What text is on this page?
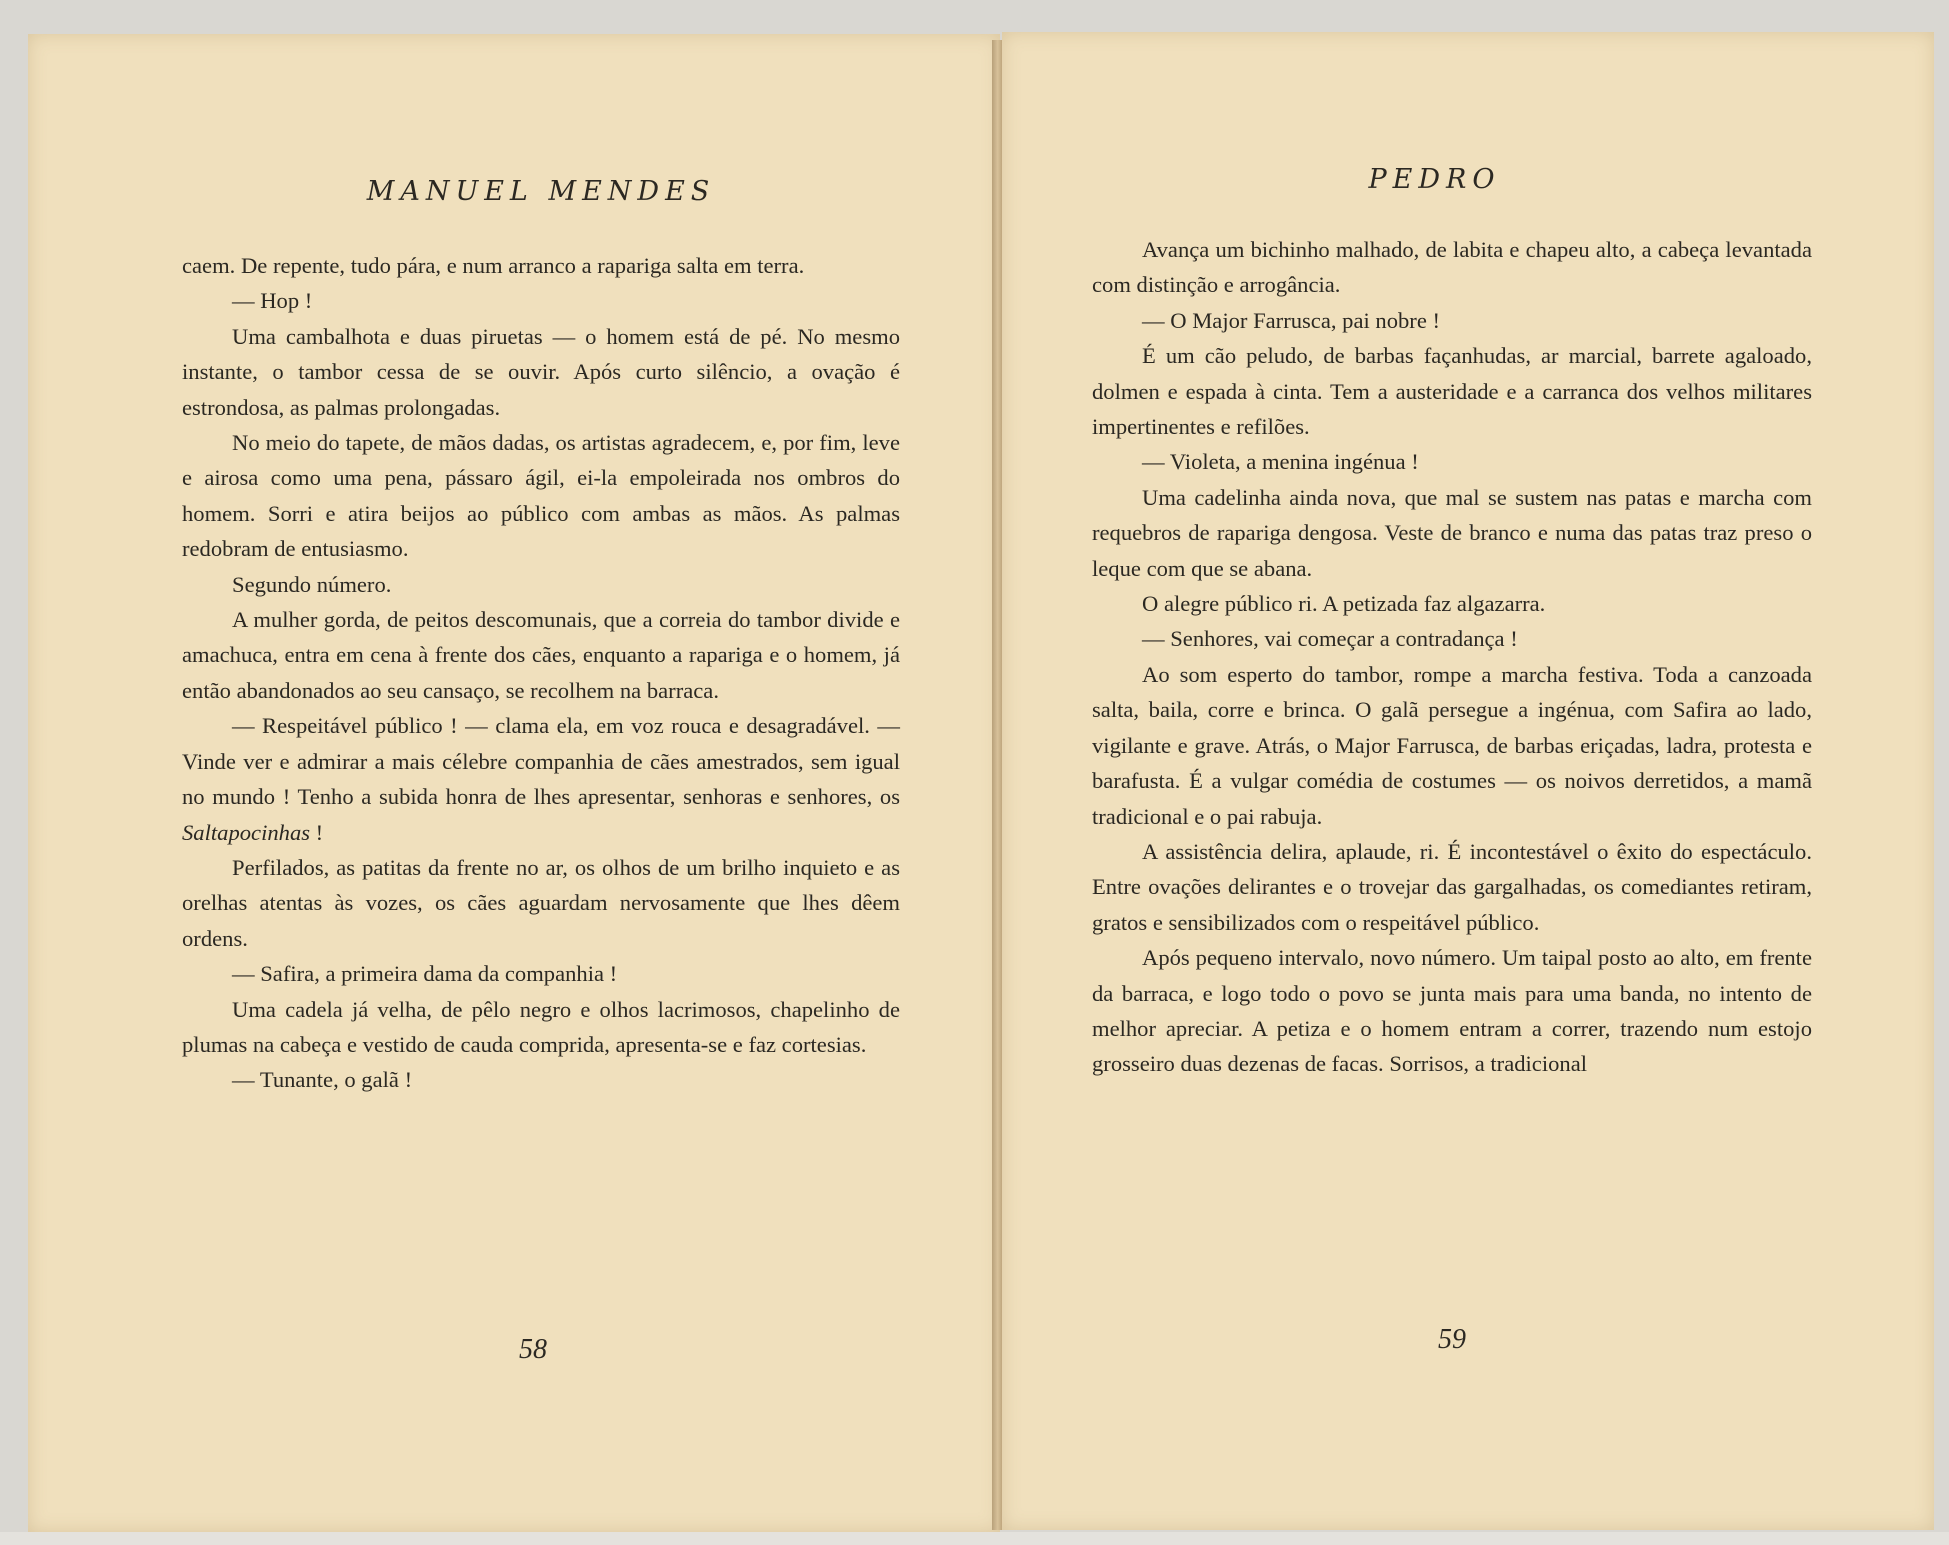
MANUEL MENDES

caem. De repente, tudo pára, e num arranco a rapariga salta em terra.

— Hop !

Uma cambalhota e duas piruetas — o homem está de pé. No mesmo instante, o tambor cessa de se ouvir. Após curto silêncio, a ovação é estrondosa, as palmas prolongadas.

No meio do tapete, de mãos dadas, os artistas agradecem, e, por fim, leve e airosa como uma pena, pássaro ágil, ei-la empoleirada nos ombros do homem. Sorri e atira beijos ao público com ambas as mãos. As palmas redobram de entusiasmo.

Segundo número.

A mulher gorda, de peitos descomunais, que a correia do tambor divide e amachuca, entra em cena à frente dos cães, enquanto a rapariga e o homem, já então abandonados ao seu cansaço, se recolhem na barraca.

— Respeitável público ! — clama ela, em voz rouca e desagradável. — Vinde ver e admirar a mais célebre companhia de cães amestrados, sem igual no mundo ! Tenho a subida honra de lhes apresentar, senhoras e senhores, os Saltapocinhas !

Perfilados, as patitas da frente no ar, os olhos de um brilho inquieto e as orelhas atentas às vozes, os cães aguardam nervosamente que lhes dêem ordens.

— Safira, a primeira dama da companhia !

Uma cadela já velha, de pêlo negro e olhos lacrimosos, chapelinho de plumas na cabeça e vestido de cauda comprida, apresenta-se e faz cortesias.

— Tunante, o galã !

58
PEDRO

Avança um bichinho malhado, de labita e chapeu alto, a cabeça levantada com distinção e arrogância.

— O Major Farrusca, pai nobre !

É um cão peludo, de barbas façanhudas, ar marcial, barrete agaloado, dolmen e espada à cinta. Tem a austeridade e a carranca dos velhos militares impertinentes e refilões.

— Violeta, a menina ingénua !

Uma cadelinha ainda nova, que mal se sustem nas patas e marcha com requebros de rapariga dengosa. Veste de branco e numa das patas traz preso o leque com que se abana.

O alegre público ri. A petizada faz algazarra.

— Senhores, vai começar a contradança !

Ao som esperto do tambor, rompe a marcha festiva. Toda a canzoada salta, baila, corre e brinca. O galã persegue a ingénua, com Safira ao lado, vigilante e grave. Atrás, o Major Farrusca, de barbas eriçadas, ladra, protesta e barafusta. É a vulgar comédia de costumes — os noivos derretidos, a mamã tradicional e o pai rabuja.

A assistência delira, aplaude, ri. É incontestável o êxito do espectáculo. Entre ovações delirantes e o trovejar das gargalhadas, os comediantes retiram, gratos e sensibilizados com o respeitável público.

Após pequeno intervalo, novo número. Um taipal posto ao alto, em frente da barraca, e logo todo o povo se junta mais para uma banda, no intento de melhor apreciar. A petiza e o homem entram a correr, trazendo num estojo grosseiro duas dezenas de facas. Sorrisos, a tradicional

59
